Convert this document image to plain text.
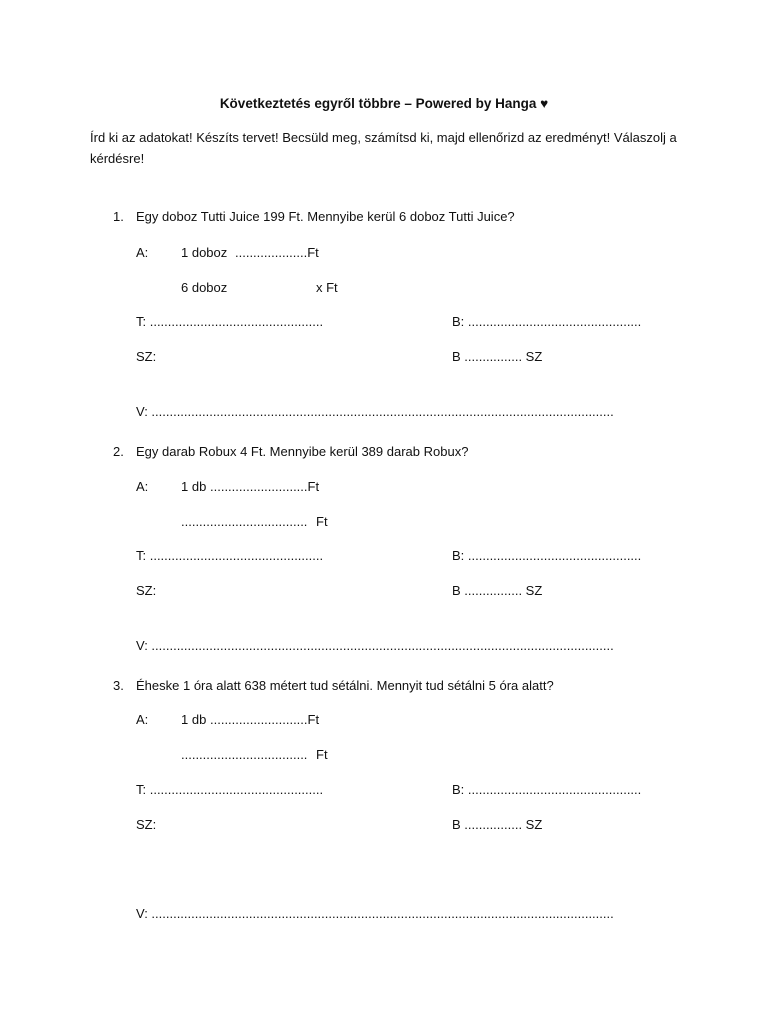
Következtetés egyről többre – Powered by Hanga ♥
Írd ki az adatokat! Készíts tervet! Becsüld meg, számítsd ki, majd ellenőrizd az eredményt! Válaszolj a kérdésre!
1. Egy doboz Tutti Juice 199 Ft. Mennyibe kerül 6 doboz Tutti Juice?
A:	1 doboz ....................Ft
6 doboz	x Ft
T: ................................................	B: ................................................
SZ:	B ................ SZ
V: ................................................................................................................................
2. Egy darab Robux 4 Ft. Mennyibe kerül 389 darab Robux?
A:	1 db ...........................Ft
................................... Ft
T: ................................................	B: ................................................
SZ:	B ................ SZ
V: ................................................................................................................................
3. Éheske 1 óra alatt 638 métert tud sétálni. Mennyit tud sétálni 5 óra alatt?
A:	1 db ...........................Ft
................................... Ft
T: ................................................	B: ................................................
SZ:	B ................ SZ
V: ................................................................................................................................
